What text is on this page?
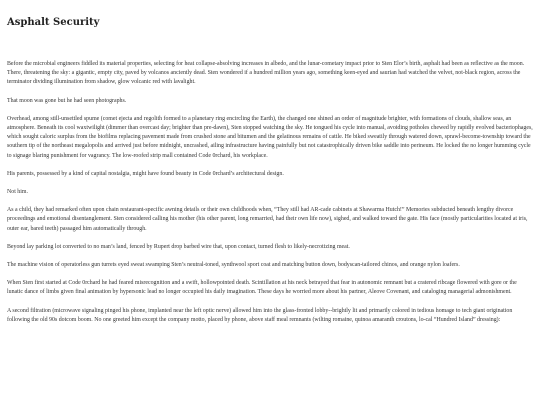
Asphalt Security

Before the microbial engineers fiddled its material properties, selecting for heat collapse-absolving increases in albedo, and the lunar-cometary impact prior to Sten Elor’s birth, asphalt had been as reflective as the moon. There, threatening the sky: a gigantic, empty city, paved by volcanos anciently dead. Sten wondered if a hundred million years ago, something keen-eyed and saurian had watched the velvet, not-black region, across the terminator dividing illumination from shadow, glow volcanic red with lavalight.

That moon was gone but he had seen photographs.

Overhead, among still-unsettled spume (comet ejecta and regolith formed to a planetary ring encircling the Earth), the changed one shined an order of magnitude brighter, with formations of clouds, shallow seas, an atmosphere. Beneath its cool waxtwilight (dimmer than overcast day; brighter than pre-dawn), Sten stopped watching the sky. He tongued his cycle into manual, avoiding potholes chewed by rapidly evolved bacteriophages, which sought caloric surplus from the biofilms replacing pavement made from crushed stone and bitumen and the gelatinous remains of cattle. He biked sweatily through watered down, sprawl-become-township toward the southern tip of the northeast megalopolis and arrived just before midnight, uncrashed, ailing infrastructure having painfully but not catastrophically driven bike saddle into perineum. He locked the no longer humming cycle to signage blaring punishment for vagrancy. The low-roofed strip mall contained Code 0rchard, his workplace.

His parents, possessed by a kind of capital nostalgia, might have found beauty in Code 0rchard’s architectural design.

Not him.

As a child, they had remarked often upon chain restaurant-specific awning details or their own childhoods when, “They still had AR-cade cabinets at Shawarma Hutch!” Memories subducted beneath lengthy divorce proceedings and emotional disentanglement. Sten considered calling his mother (his other parent, long remarried, had their own life now), sighed, and walked toward the gate. His face (mostly particularities located at iris, outer ear, bared teeth) passaged him automatically through.

Beyond lay parking lot converted to no man’s land, fenced by Rupert drop barbed wire that, upon contact, turned flesh to likely-necrotizing meat.

The machine vision of operatorless gun turrets eyed sweat swamping Sten’s neutral-toned, synthwool sport coat and matching button down, bodyscan-tailored chinos, and orange nylon loafers.

When Sten first started at Code 0rchard he had feared misrecognition and a swift, hollowpointed death. Scintillation at his neck betrayed that fear in autonomic remnant but a cratered ribcage flowered with gore or the lunatic dance of limbs given final animation by hypersonic lead no longer occupied his daily imagination. These days he worried more about his partner, Aleove Covenant, and cataloging managerial admonishment.

A second filtration (microwave signaling pinged his phone, implanted near the left optic nerve) allowed him into the glass-fronted lobby--brightly lit and primarily colored in tedious homage to tech giant origination following the old 90s dotcom boom. No one greeted him except the company motto, placed by phone, above staff meal remnants (wilting romaine, quinoa amaranth croutons, lo-cal “Hundred Island” dressing):
